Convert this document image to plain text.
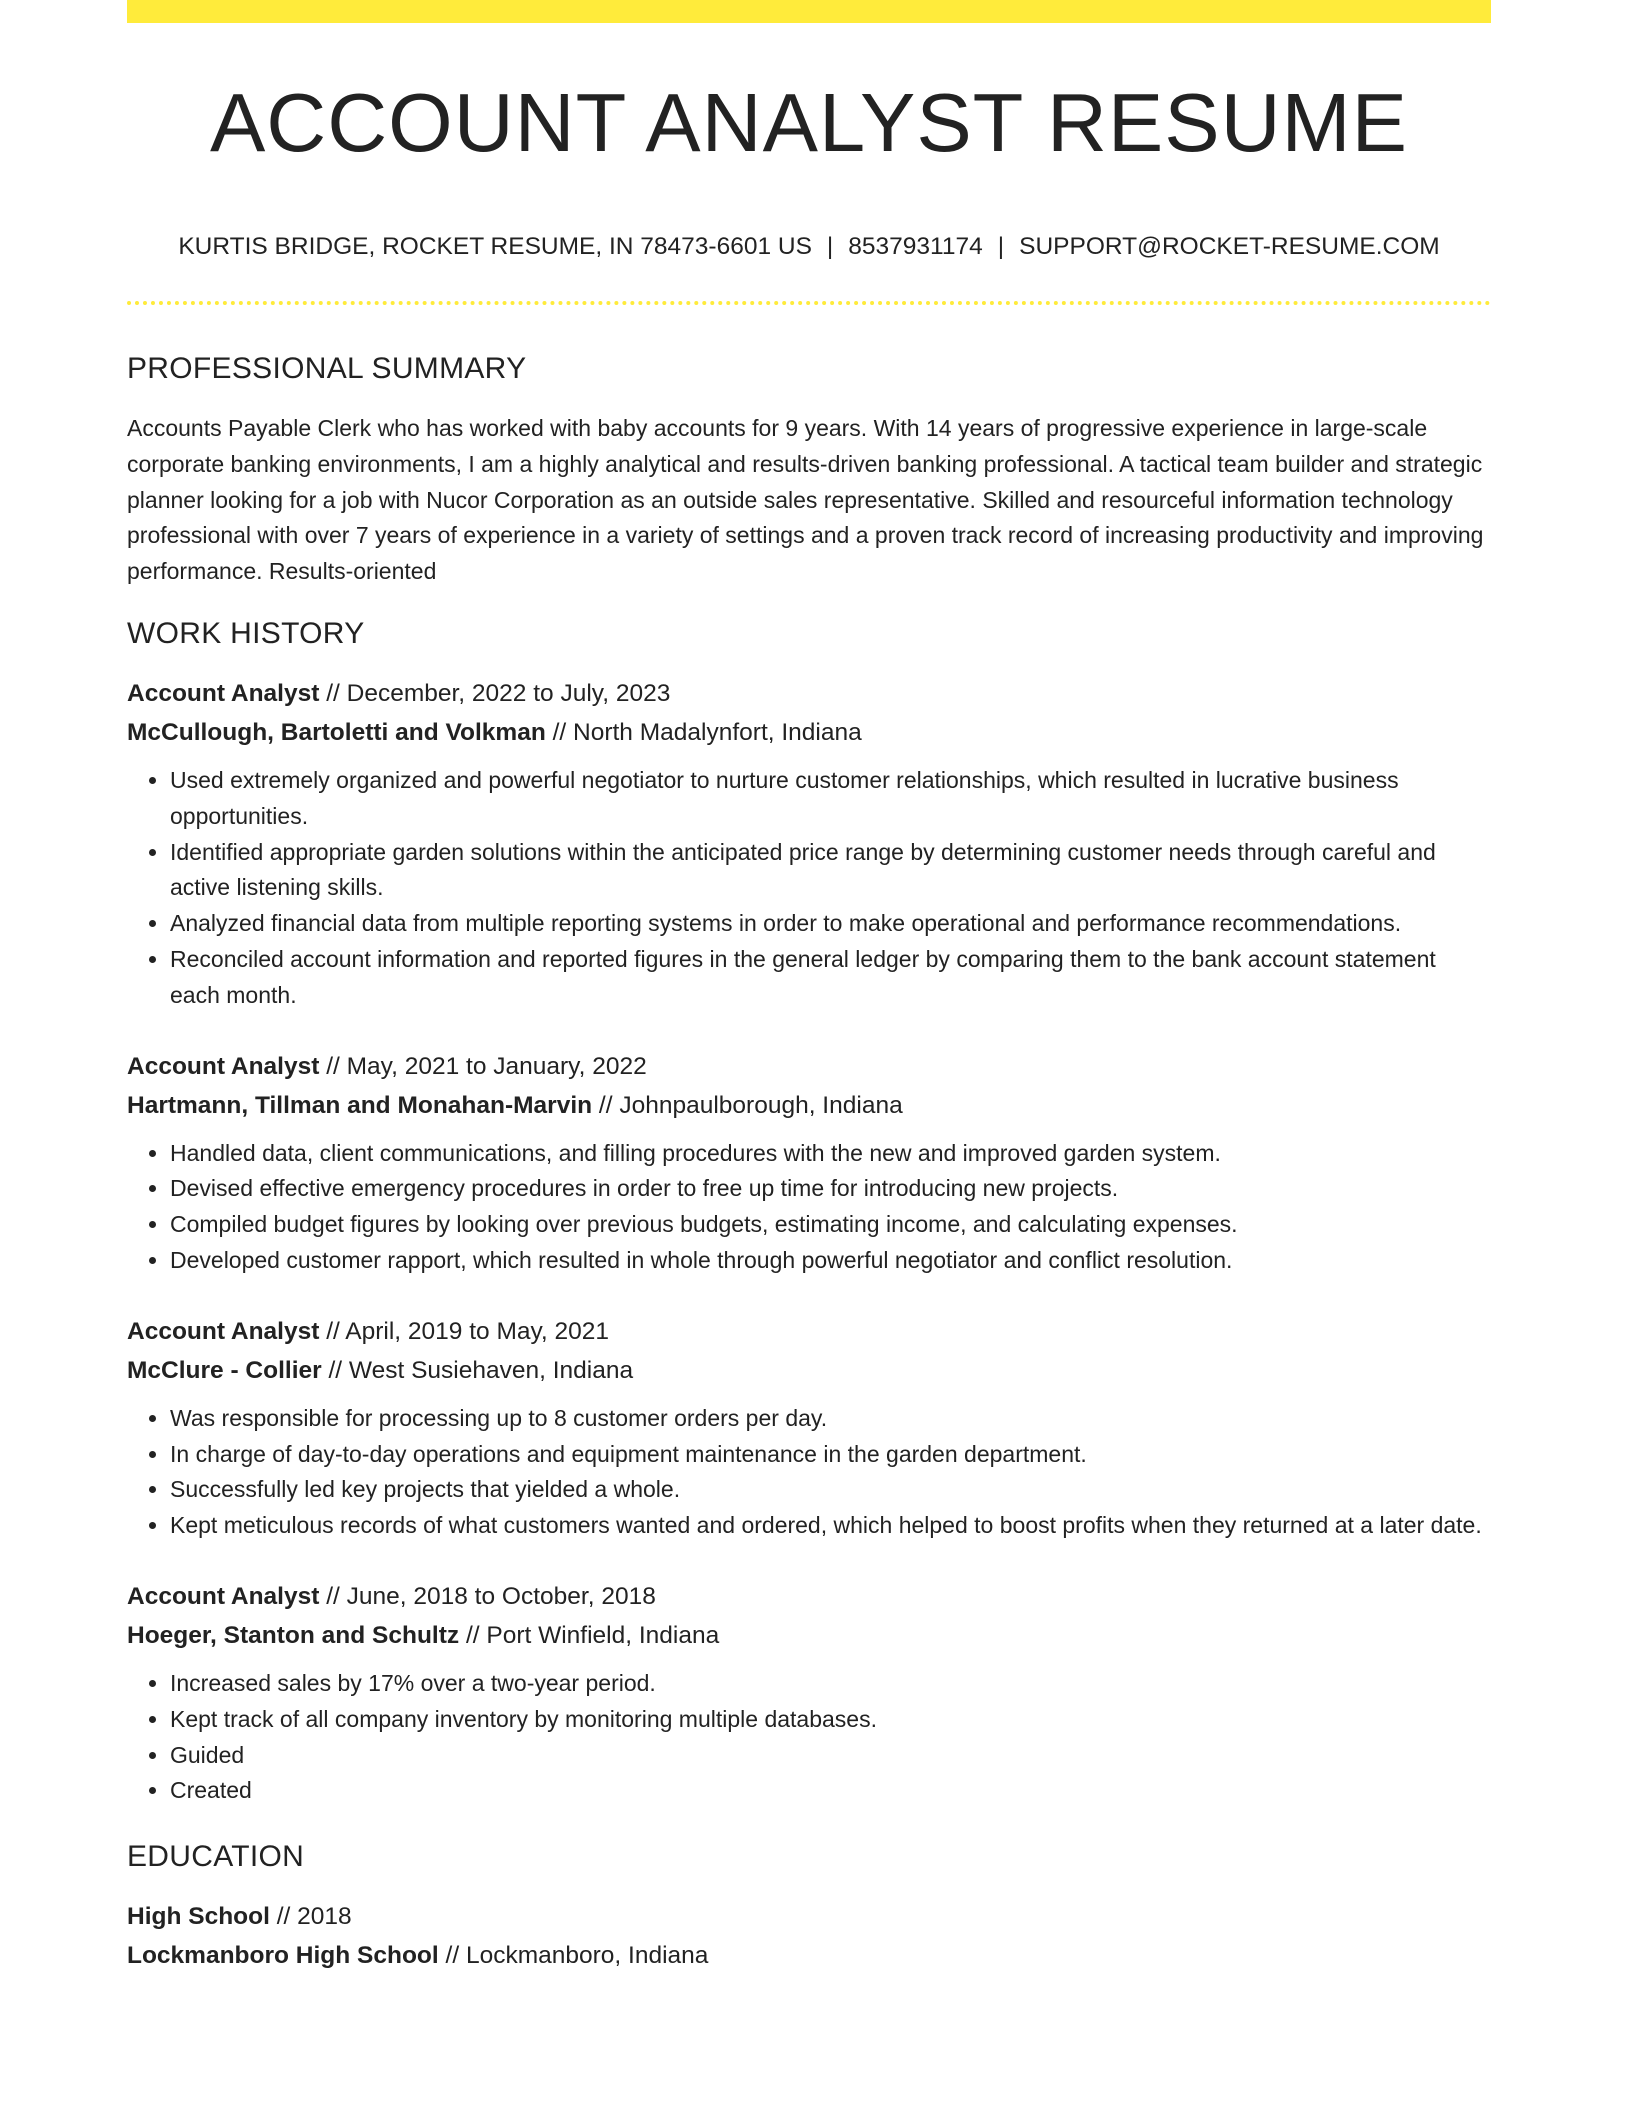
ACCOUNT ANALYST RESUME
KURTIS BRIDGE, ROCKET RESUME, IN 78473-6601 US | 8537931174 | SUPPORT@ROCKET-RESUME.COM
PROFESSIONAL SUMMARY

Accounts Payable Clerk who has worked with baby accounts for 9 years. With 14 years of progressive experience in large-scale corporate banking environments, I am a highly analytical and results-driven banking professional. A tactical team builder and strategic planner looking for a job with Nucor Corporation as an outside sales representative. Skilled and resourceful information technology professional with over 7 years of experience in a variety of settings and a proven track record of increasing productivity and improving performance. Results-oriented

WORK HISTORY
Account Analyst // December, 2022 to July, 2023
McCullough, Bartoletti and Volkman // North Madalynfort, Indiana
• Used extremely organized and powerful negotiator to nurture customer relationships, which resulted in lucrative business opportunities.
• Identified appropriate garden solutions within the anticipated price range by determining customer needs through careful and active listening skills.
• Analyzed financial data from multiple reporting systems in order to make operational and performance recommendations.
• Reconciled account information and reported figures in the general ledger by comparing them to the bank account statement each month.
Account Analyst // May, 2021 to January, 2022
Hartmann, Tillman and Monahan-Marvin // Johnpaulborough, Indiana
• Handled data, client communications, and filling procedures with the new and improved garden system.
• Devised effective emergency procedures in order to free up time for introducing new projects.
• Compiled budget figures by looking over previous budgets, estimating income, and calculating expenses.
• Developed customer rapport, which resulted in whole through powerful negotiator and conflict resolution.
Account Analyst // April, 2019 to May, 2021
McClure - Collier // West Susiehaven, Indiana
• Was responsible for processing up to 8 customer orders per day.
• In charge of day-to-day operations and equipment maintenance in the garden department.
• Successfully led key projects that yielded a whole.
• Kept meticulous records of what customers wanted and ordered, which helped to boost profits when they returned at a later date.
Account Analyst // June, 2018 to October, 2018
Hoeger, Stanton and Schultz // Port Winfield, Indiana
• Increased sales by 17% over a two-year period.
• Kept track of all company inventory by monitoring multiple databases.
• Guided
• Created
EDUCATION
High School // 2018
Lockmanboro High School // Lockmanboro, Indiana
